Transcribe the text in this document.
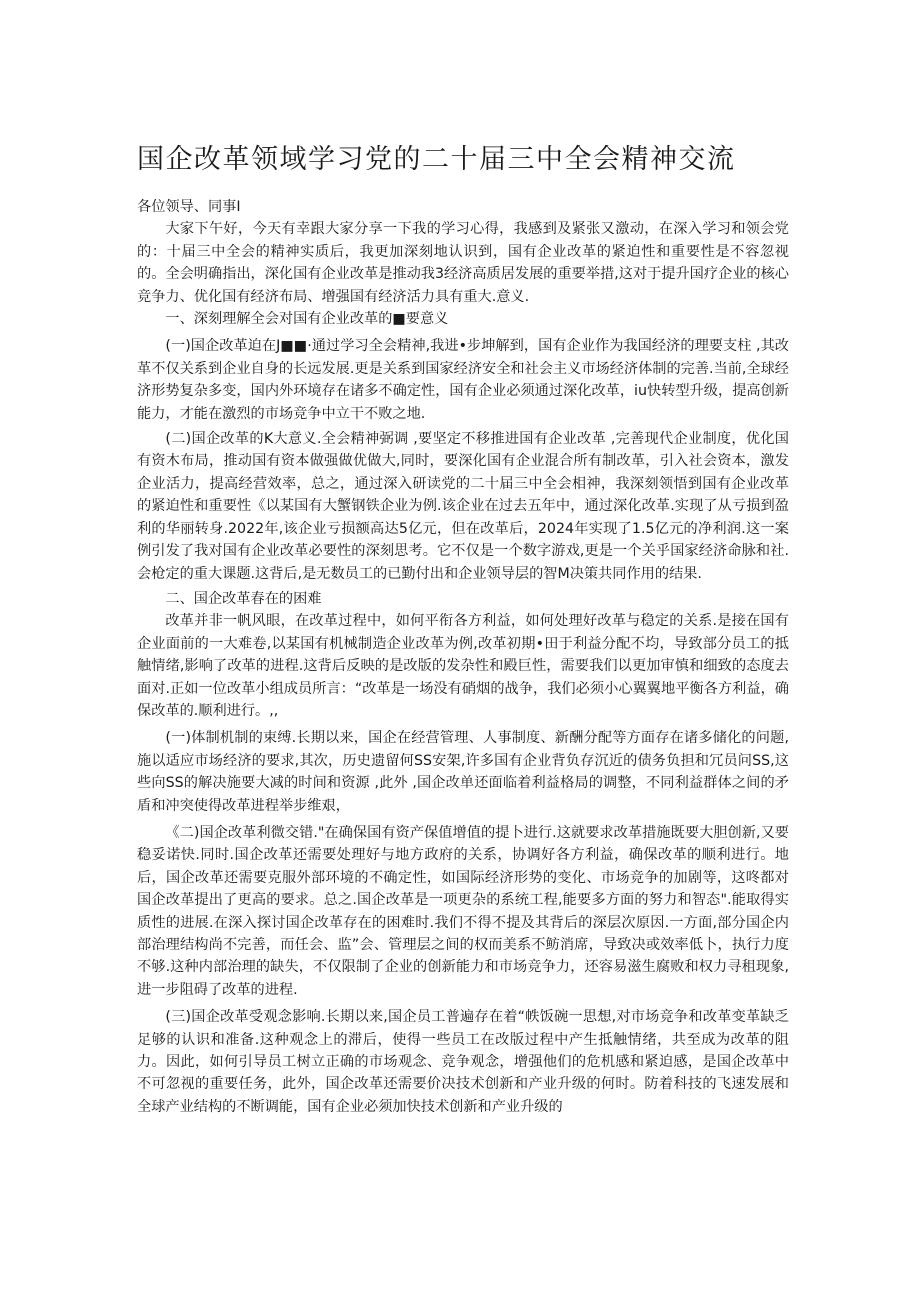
国企改革领域学习党的二十届三中全会精神交流

各位领导、同事I

大家下午好，今天有幸跟大家分享一下我的学习心得，我感到及紧张又激动，在深入学习和领会党的：十届三中全会的精神实质后，我更加深刻地认识到，国有企业改革的紧迫性和重要性是不容忽视的。全会明确指出，深化国有企业改革是推动我3经济高质居发展的重要举措,这对于提升国疗企业的核心竞争力、优化国有经济布局、增强国有经济活力具有重大.意义.

一、深刻理解全会对国有企业改革的■要意义

(一)国企改革迫在J■■·通过学习全会精神,我进•步坤解到，国有企业作为我国经济的理要支柱 ,其改革不仅关系到企业自身的长远发展.更是关系到国家经济安全和社会主义市场经济体制的完善.当前,全球经济形势复杂多变，国内外环境存在诸多不确定性，国有企业必须通过深化改革，iu快转型升级，提高创新能力，才能在激烈的市场竞争中立干不败之地.

(二)国企改革的K大意义.全会精神弼调 ,要坚定不移推进国有企业改革 ,完善现代企业制度，优化国有资木布局，推动国有资本做强做优做大,同时，要深化国有企业混合所有制改革，引入社会资本，激发企业活力，提高经营效率，总之，通过深入研读党的二十届三中全会相神，我深刻领悟到国有企业改革的紧迫性和重要性《以某国有大蟹钢铁企业为例.该企业在过去五年中，通过深化改革.实现了从亏损到盈利的华丽转身.2022年,该企业亏损额高达5亿元，但在改革后，2024年实现了1.5亿元的净利润.这一案例引发了我对国有企业改革必要性的深刻思考。它不仅是一个数字游戏,更是一个关乎国家经济命脉和社.会枪定的重大课题.这背后,是无数员工的已勤付出和企业领导层的智M决策共同作用的结果.

二、国企改革春在的困难

改革并非一帆风眼，在改革过程中，如何平衔各方利益，如何处理好改革与稳定的关系.是接在国有企业面前的一大难卷,以某国有机械制造企业改革为例,改革初期•田于利益分配不均，导致部分员工的抵触情绪,影响了改革的进程.这背后反映的是改版的发杂性和殿巨性，需要我们以更加审慎和细致的态度去面对.正如一位改革小组成员所言：“改革是一场没有硝烟的战争，我们必须小心翼翼地平衡各方利益，确保改革的.顺利进行。,,

(一)体制机制的束缚.长期以来，国企在经营管理、人事制度、新酬分配等方面存在诸多储化的问题,施以适应市场经济的要求,其次，历史遗留何SS安架,许多国有企业背负存沉近的债务负担和冗员问SS,这些向SS的解决施要大减的时间和资源 ,此外 ,国企改单还面临着利益格局的调整，不同利益群体之间的矛盾和冲突使得改革进程举步维艰，

《二)国企改革利微交错."在确保国有资产保值增值的提卜进行.这就要求改革措施既要大胆创新,又要稳妥诺快.同时.国企改革还需要处理好与地方政府的关系，协调好各方利益，确保改革的顺利进行。地后，国企改革还需要克服外部环境的不确定性，如国际经济形势的变化、市场竞争的加剧等，这咚都对国企改革提出了更高的要求。总之.国企改革是一项更杂的系统工程,能要多方面的努力和智态".能取得实质性的进展.在深入探讨国企改革存在的困难时.我们不得不提及其背后的深层次原因.一方面,部分国企内部治理结构尚不完善，而任会、监”会、管理层之间的权而美系不鲂消席，导致决或效率低卜，执行力度不够.这种内部治理的缺失，不仅限制了企业的创新能力和市场竞争力，还容易滋生腐败和权力寻租现象,进一步阻碍了改革的进程.

(三)国企改革受观念影响.长期以来,国企员工普遍存在着“帙饭碗一思想,对市场竞争和改革变革缺乏足够的认识和准备.这种观念上的滞后，使得一些员工在改版过程中产生抵触情绪，共至成为改革的阻力。因此，如何引导员工树立正确的市场观念、竞争观念，增强他们的危机感和紧迫感，是国企改革中不可忽视的重要任务，此外，国企改革还需要价决技术创新和产业升级的何时。防着科技的飞速发展和全球产业结构的不断调能，国有企业必须加快技术创新和产业升级的
